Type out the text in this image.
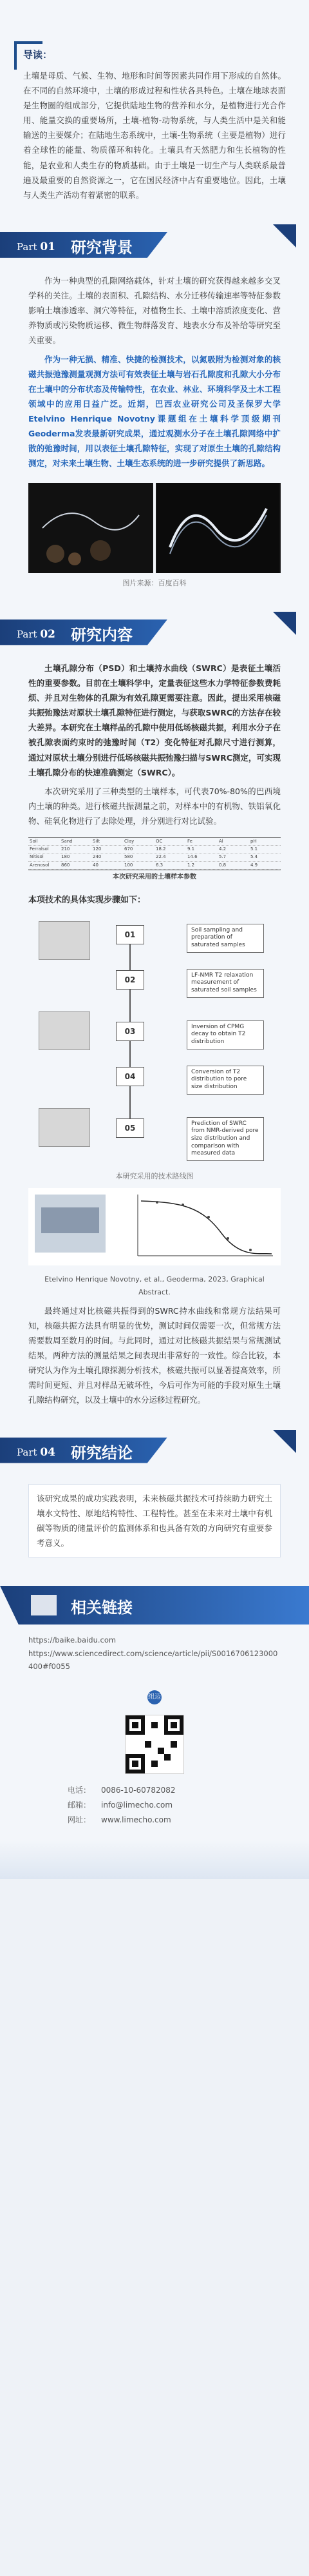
导读：
土壤是母质、气候、生物、地形和时间等因素共同作用下形成的自然体。在不同的自然环境中，土壤的形成过程和性状各具特色。土壤在地球表面是生物圈的组成部分，它提供陆地生物的营养和水分，是植物进行光合作用、能量交换的重要场所，土壤-植物-动物系统，与人类生活中是关和能输送的主要媒介；在陆地生态系统中，土壤-生物系统（主要是植物）进行着全球性的能量、物质循环和转化。土壤具有天然肥力和生长植物的性能，是农业和人类生存的物质基础。由于土壤是一切生产与人类联系最普遍及最重要的自然资源之一，它在国民经济中占有重要地位。因此，土壤与人类生产活动有着紧密的联系。
Part 01 研究背景
作为一种典型的孔隙网络载体，针对土壤的研究获得越来越多交叉学科的关注。土壤的表面积、孔隙结构、水分迁移传输速率等特征参数影响土壤渗透率、洞穴等特征，对植物生长、土壤中溶质浓度变化、营养物质或污染物质运移、微生物群落发育、地表水分布及补给等研究至关重要。
作为一种无损、精准、快捷的检测技术，以氮吸附为检测对象的核磁共振弛豫测量观测方法可有效表征土壤与岩石孔隙度和孔隙大小分布在土壤中的分布状态及传输特性，在农业、林业、环境科学及土木工程领域中的应用日益广泛。近期，巴西农业研究公司及圣保罗大学Etelvino Henrique Novotny课题组在土壤科学顶级期刊Geoderma发表最新研究成果，通过观测水分子在土壤孔隙网络中扩散的弛豫时间，用以表征土壤孔隙特征，实现了对原生土壤的孔隙结构测定，对未来土壤生物、土壤生态系统的进一步研究提供了新思路。
图片来源：百度百科
Part 02 研究内容
土壤孔隙分布（PSD）和土壤持水曲线（SWRC）是表征土壤活性的重要参数。目前在土壤科学中，定量表征这些水力学特征参数费耗烦、并且对生物体的孔隙为有效孔隙更需要注意。因此，提出采用核磁共振弛豫法对原状土壤孔隙特征进行测定，与获取SWRC的方法存在较大差异。本研究在土壤样品的孔隙中使用低场核磁共振，利用水分子在被孔隙表面约束时的弛豫时间（T2）变化特征对孔隙尺寸进行测算，通过对原状土壤分别进行低场核磁共振弛豫扫描与SWRC测定，可实现土壤孔隙分布的快速准确测定（SWRC）。
本次研究采用了三种类型的土壤样本，可代表70%-80%的巴西境内土壤的种类。进行核磁共振测量之前，对样本中的有机物、铁铝氧化物、硅氧化物进行了去除处理，并分别进行对比试验。
Soil	Sand	Silt	Clay	OC	Fe	Al	pH
Ferralsol	210	120	670	18.2	9.1	4.2	5.1
Nitisol	180	240	580	22.4	14.6	5.7	5.4
Arenosol	860	40	100	6.3	1.2	0.8	4.9
本次研究采用的土壤样本参数
本项技术的具体实现步骤如下：
01
02
03
04
05
Soil sampling and preparation of saturated samples
LF-NMR T2 relaxation measurement of saturated soil samples
Inversion of CPMG decay to obtain T2 distribution
Conversion of T2 distribution to pore size distribution
Prediction of SWRC from NMR-derived pore size distribution and comparison with measured data
本研究采用的技术路线图
Etelvino Henrique Novotny, et al., Geoderma, 2023, Graphical Abstract.
最终通过对比核磁共振得到的SWRC持水曲线和常规方法结果可知，核磁共振方法具有明显的优势，测试时间仅需要一次，但常规方法需要数周至数月的时间。与此同时，通过对比核磁共振结果与常规测试结果，两种方法的测量结果之间表现出非常好的一致性。综合比较，本研究认为作为土壤孔隙探测分析技术，核磁共振可以显著提高效率，所需时间更短、并且对样品无破坏性，今后可作为可能的手段对原生土壤孔隙结构研究，以及土壤中的水分运移过程研究。
Part 04 研究结论
该研究成果的成功实践表明，未来核磁共振技术可持续助力研究土壤水文特性、原地结构特性、工程特性。甚至在未来对土壤中有机碳等物质的储量评价的监测体系和也具备有效的方向研究有重要参考意义。
相关链接
https://baike.baidu.com
https://www.sciencedirect.com/science/article/pii/S0016706123000400#f0055
纽迈
电话： 0086-10-60782082
邮箱： info@limecho.com
网址： www.limecho.com
